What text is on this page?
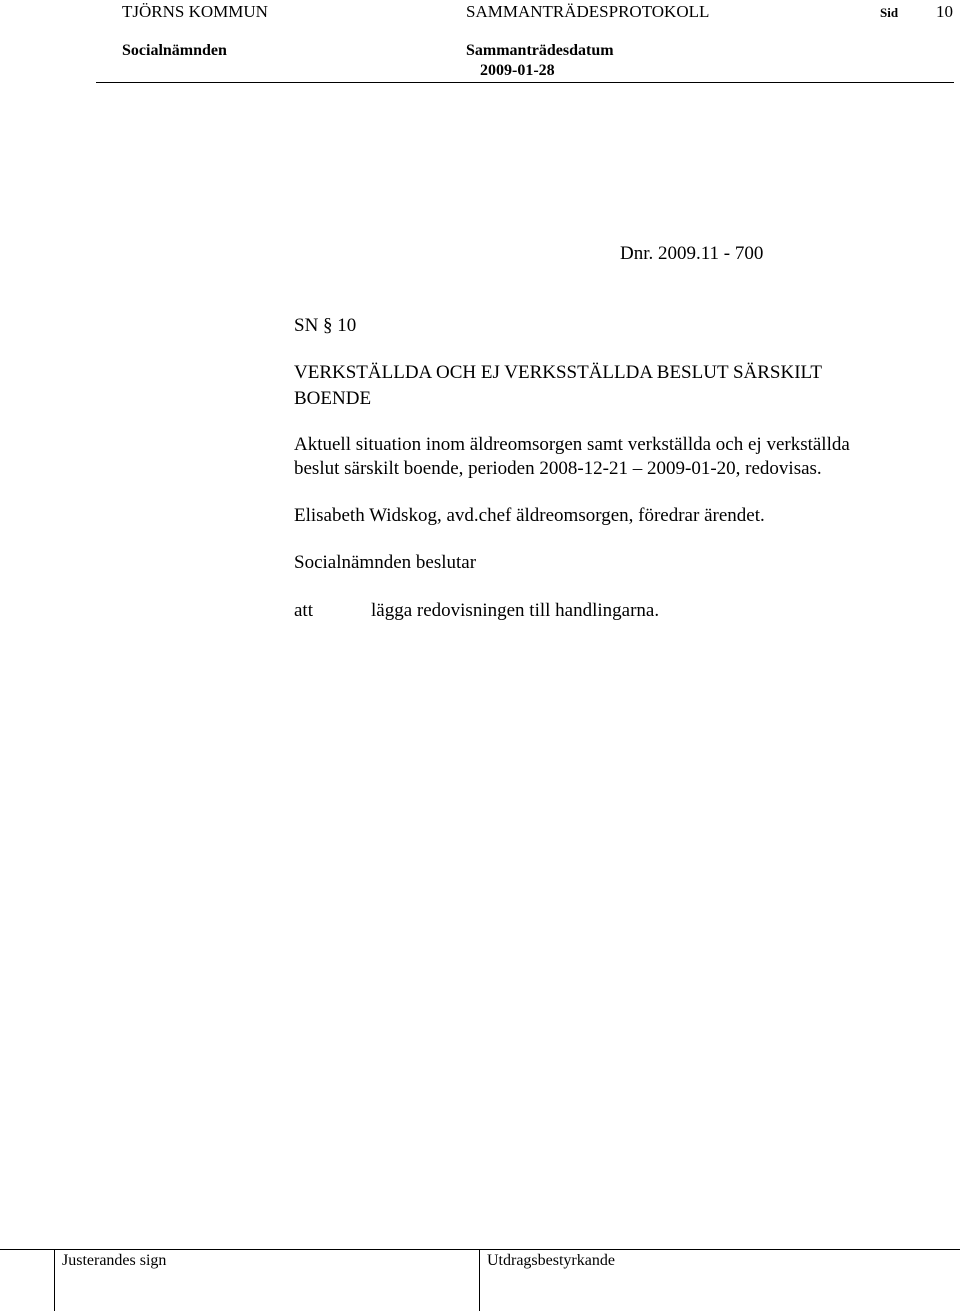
TJÖRNS KOMMUN	SAMMANTRÄDESPROTOKOLL	Sid 10
Socialnämnden	Sammanträdesdatum
2009-01-28
Dnr. 2009.11 - 700
SN § 10
VERKSTÄLLDA OCH EJ VERKSSTÄLLDA BESLUT SÄRSKILT BOENDE
Aktuell situation inom äldreomsorgen samt verkställda och ej verkställda
beslut särskilt boende, perioden 2008-12-21 – 2009-01-20, redovisas.
Elisabeth Widskog, avd.chef äldreomsorgen, föredrar ärendet.
Socialnämnden beslutar
att	lägga redovisningen till handlingarna.
Justerandes sign	Utdragsbestyrkande
